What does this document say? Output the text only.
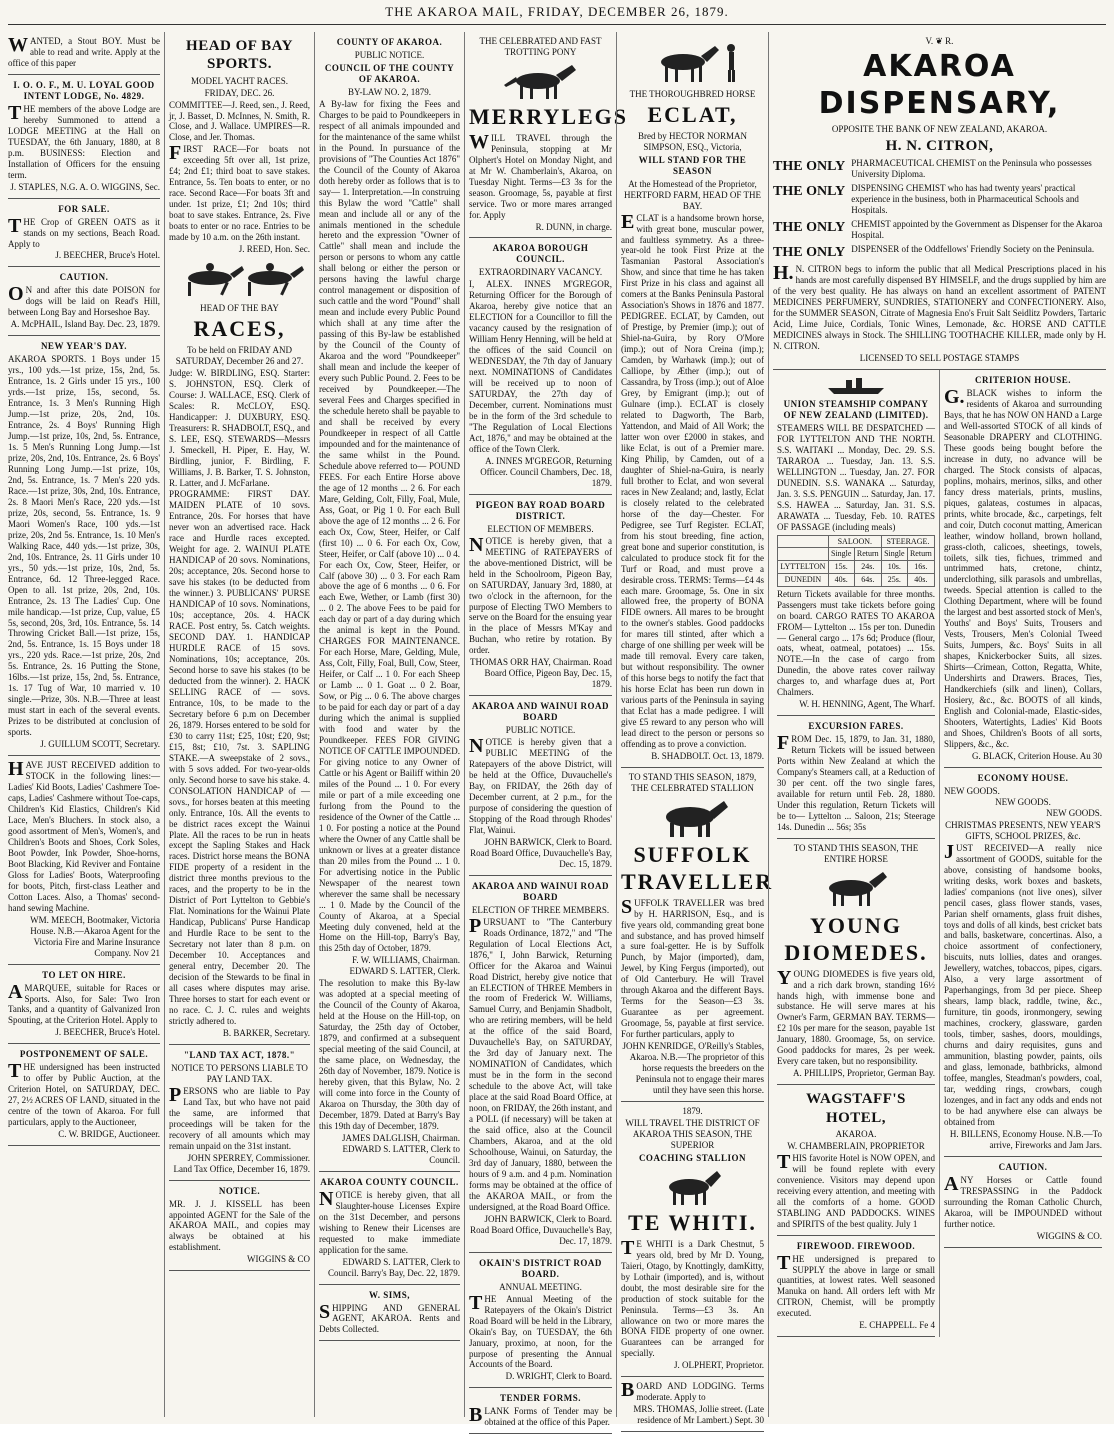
THE AKAROA MAIL, FRIDAY, DECEMBER 26, 1879.

WANTED, a Stout BOY. Must be able to read and write. Apply at the office of this paper

I. O. O. F., M. U. LOYAL GOOD INTENT LODGE, No. 4829.

THE members of the above Lodge are hereby Summoned to attend a LODGE MEETING at the Hall on TUESDAY, the 6th January, 1880, at 8 p.m. BUSINESS: Election and Installation of Officers for the ensuing term.

J. STAPLES, N.G. A. O. WIGGINS, Sec.
FOR SALE.

THE Crop of GREEN OATS as it stands on my sections, Beach Road. Apply to

J. BEECHER, Bruce's Hotel.
CAUTION.

ON and after this date POISON for dogs will be laid on Read's Hill, between Long Bay and Horseshoe Bay.

A. McPHAIL, Island Bay. Dec. 23, 1879.
NEW YEAR'S DAY.

AKAROA SPORTS. 1 Boys under 15 yrs., 100 yds.—1st prize, 15s, 2nd, 5s. Entrance, 1s. 2 Girls under 15 yrs., 100 yrds.—1st prize, 15s, second, 5s. Entrance, 1s. 3 Men's Running High Jump.—1st prize, 20s, 2nd, 10s. Entrance, 2s. 4 Boys' Running High Jump.—1st prize, 10s, 2nd, 5s. Entrance, 1s. 5 Men's Running Long Jump.—1st prize, 20s, 2nd, 10s. Entrance, 2s. 6 Boys' Running Long Jump.—1st prize, 10s, 2nd, 5s. Entrance, 1s. 7 Men's 220 yds. Race.—1st prize, 30s, 2nd, 10s. Entrance, 2s. 8 Maori Men's Race, 220 yds.—1st prize, 20s, second, 5s. Entrance, 1s. 9 Maori Women's Race, 100 yds.—1st prize, 20s, 2nd 5s. Entrance, 1s. 10 Men's Walking Race, 440 yds.—1st prize, 30s, 2nd, 10s. Entrance, 2s. 11 Girls under 10 yrs., 50 yds.—1st prize, 10s, 2nd, 5s. Entrance, 6d. 12 Three-legged Race. Open to all. 1st prize, 20s, 2nd, 10s. Entrance, 2s. 13 The Ladies' Cup. One mile handicap.—1st prize, Cup, value, £5 5s, second, 20s, 3rd, 10s. Entrance, 5s. 14 Throwing Cricket Ball.—1st prize, 15s, 2nd, 5s. Entrance, 1s. 15 Boys under 18 yrs., 220 yds. Race.—1st prize, 20s, 2nd 5s. Entrance, 2s. 16 Putting the Stone, 16lbs.—1st prize, 15s, 2nd, 5s. Entrance, 1s. 17 Tug of War, 10 married v. 10 single.—Prize, 30s. N.B.—Three at least must start in each of the several events. Prizes to be distributed at conclusion of sports.

J. GUILLUM SCOTT, Secretary.

HAVE JUST RECEIVED addition to STOCK in the following lines:—Ladies' Kid Boots, Ladies' Cashmere Toe-caps, Ladies' Cashmere without Toe-caps, Children's Kid Elastics, Children's Kid Lace, Men's Bluchers. In stock also, a good assortment of Men's, Women's, and Children's Boots and Shoes, Cork Soles, Boot Powder, Ink Powder, Shoe-horns, Boot Blacking, Kid Reviver and Fontaine Gloss for Ladies' Boots, Waterproofing for boots, Pitch, first-class Leather and Cotton Laces. Also, a Thomas' second-hand sewing Machine.

WM. MEECH, Bootmaker, Victoria House. N.B.—Akaroa Agent for the Victoria Fire and Marine Insurance Company. Nov 21
TO LET ON HIRE.

AMARQUEE, suitable for Races or Sports. Also, for Sale: Two Iron Tanks, and a quantity of Galvanized Iron Spouting, at the Criterion Hotel. Apply to

J. BEECHER, Bruce's Hotel.
POSTPONEMENT OF SALE.

THE undersigned has been instructed to offer by Public Auction, at the Criterion Hotel, on SATURDAY, DEC. 27, 2½ ACRES OF LAND, situated in the centre of the town of Akaroa. For full particulars, apply to the Auctioneer,

C. W. BRIDGE, Auctioneer.
HEAD OF BAY SPORTS.
MODEL YACHT RACES.
FRIDAY, DEC. 26.

COMMITTEE—J. Reed, sen., J. Reed, jr, J. Basset, D. McInnes, N. Smith, R. Close, and J. Wallace. UMPIRES—R. Close, and Jer. Thomas.

FIRST RACE—For boats not exceeding 5ft over all, 1st prize, £4; 2nd £1; third boat to save stakes. Entrance, 5s. Ten boats to enter, or no race. Second Race—For boats 3ft and under. 1st prize, £1; 2nd 10s; third boat to save stakes. Entrance, 2s. Five boats to enter or no race. Entries to be made by 10 a.m. on the 26th instant.

J. REED, Hon. Sec.
HEAD OF THE BAY
RACES,
To be held on FRIDAY AND SATURDAY, December 26 and 27.

Judge: W. BIRDLING, ESQ. Starter: S. JOHNSTON, ESQ. Clerk of Course: J. WALLACE, ESQ. Clerk of Scales: R. McCLOY, ESQ. Handicapper: J. DUXBURY, ESQ. Treasurers: R. SHADBOLT, ESQ., and S. LEE, ESQ. STEWARDS—Messrs J. Smeckell, H. Piper, E. Hay, W. Birdling, junior, F. Birdling, F. Williams, J. B. Barker, T. S. Johnston, R. Latter, and J. McFarlane.

PROGRAMME: FIRST DAY. MAIDEN PLATE of 10 sovs. Entrance, 20s. For horses that have never won an advertised race. Hack race and Hurdle races excepted. Weight for age. 2. WAINUI PLATE HANDICAP of 20 sovs. Nominations, 20s; acceptance, 20s. Second horse to save his stakes (to be deducted from the winner.) 3. PUBLICANS' PURSE HANDICAP of 10 sovs. Nominations, 10s; acceptance, 20s. 4. HACK RACE. Post entry, 5s. Catch weights. SECOND DAY. 1. HANDICAP HURDLE RACE of 15 sovs. Nominations, 10s; acceptance, 20s. Second horse to save his stakes (to be deducted from the winner). 2. HACK SELLING RACE of — sovs. Entrance, 10s, to be made to the Secretary before 6 p.m on December 26, 1879. Horses entered to be sold for £30 to carry 11st; £25, 10st; £20, 9st; £15, 8st; £10, 7st. 3. SAPLING STAKE.—A sweepstake of 2 sovs., with 5 sovs added. For two-year-olds only. Second horse to save his stake. 4. CONSOLATION HANDICAP of — sovs., for horses beaten at this meeting only. Entrance, 10s. All the events to be district races except the Wainui Plate. All the races to be run in heats except the Sapling Stakes and Hack races. District horse means the BONA FIDE property of a resident in the district three months previous to the races, and the property to be in the District of Port Lyttelton to Gebbie's Flat. Nominations for the Wainui Plate Handicap, Publicans' Purse Handicap and Hurdle Race to be sent to the Secretary not later than 8 p.m. on December 10. Acceptances and general entry, December 20. The decision of the Stewards to be final in all cases where disputes may arise. Three horses to start for each event or no race. C. J. C. rules and weights strictly adhered to.

B. BARKER, Secretary.
"LAND TAX ACT, 1878."
NOTICE TO PERSONS LIABLE TO PAY LAND TAX.

PERSONS who are liable to Pay Land Tax, but who have not paid the same, are informed that proceedings will be taken for the recovery of all amounts which may remain unpaid on the 31st instant.

JOHN SPERREY, Commissioner. Land Tax Office, December 16, 1879.
NOTICE.

MR. J. J. KISSELL has been appointed AGENT for the Sale of the AKAROA MAIL, and copies may always be obtained at his establishment.

WIGGINS & CO
COUNTY OF AKAROA.
PUBLIC NOTICE.
COUNCIL OF THE COUNTY OF AKAROA.
BY-LAW NO. 2, 1879.

A By-law for fixing the Fees and Charges to be paid to Poundkeepers in respect of all animals impounded and for the maintenance of the same whilst in the Pound. In pursuance of the provisions of "The Counties Act 1876" the Council of the County of Akaroa doth hereby order as follows that is to say— 1. Interpretation.—In construing this Bylaw the word "Cattle" shall mean and include all or any of the animals mentioned in the schedule hereto and the expression "Owner of Cattle" shall mean and include the person or persons to whom any cattle shall belong or either the person or persons having the lawful charge control management or disposition of such cattle and the word "Pound" shall mean and include every Public Pound which shall at any time after the passing of this By-law be established by the Council of the County of Akaroa and the word "Poundkeeper" shall mean and include the keeper of every such Public Pound. 2. Fees to be received by Poundkeeper.—The several Fees and Charges specified in the schedule hereto shall be payable to and shall be received by every Poundkeeper in respect of all Cattle impounded and for the maintenance of the same whilst in the Pound. Schedule above referred to— POUND FEES. For each Entire Horse above the age of 12 months ... 2 6. For each Mare, Gelding, Colt, Filly, Foal, Mule, Ass, Goat, or Pig 1 0. For each Bull above the age of 12 months ... 2 6. For each Ox, Cow, Steer, Heifer, or Calf (first 10) ... 0 6. For each Ox, Cow, Steer, Heifer, or Calf (above 10) ... 0 4. For each Ox, Cow, Steer, Heifer, or Calf (above 30) ... 0 3. For each Ram above the age of 6 months ... 0 6. For each Ewe, Wether, or Lamb (first 30) ... 0 2. The above Fees to be paid for each day or part of a day during which the animal is kept in the Pound. CHARGES FOR MAINTENANCE. For each Horse, Mare, Gelding, Mule, Ass, Colt, Filly, Foal, Bull, Cow, Steer, Heifer, or Calf ... 1 0. For each Sheep or Lamb ... 0 1. Goat ... 0 2. Boar, Sow, or Pig ... 0 6. The above charges to be paid for each day or part of a day during which the animal is supplied with food and water by the Poundkeeper. FEES FOR GIVING NOTICE OF CATTLE IMPOUNDED. For giving notice to any Owner of Cattle or his Agent or Bailiff within 20 miles of the Pound ... 1 0. For every mile or part of a mile exceeding one furlong from the Pound to the residence of the Owner of the Cattle ... 1 0. For posting a notice at the Pound where the Owner of any Cattle shall be unknown or lives at a greater distance than 20 miles from the Pound ... 1 0. For advertising notice in the Public Newspaper of the nearest town wherever the same shall be necessary ... 1 0. Made by the Council of the County of Akaroa, at a Special Meeting duly convened, held at the Home on the Hill-top, Barry's Bay, this 25th day of October, 1879.

F. W. WILLIAMS, Chairman. EDWARD S. LATTER, Clerk.

The resolution to make this By-law was adopted at a special meeting of the Council of the County of Akaroa, held at the House on the Hill-top, on Saturday, the 25th day of October, 1879, and confirmed at a subsequent special meeting of the said Council, at the same place, on Wednesday, the 26th day of November, 1879. Notice is hereby given, that this Bylaw, No. 2 will come into force in the County of Akaroa on Thursday, the 30th day of December, 1879. Dated at Barry's Bay this 19th day of December, 1879.

JAMES DALGLISH, Chairman. EDWARD S. LATTER, Clerk to Council.
AKAROA COUNTY COUNCIL.

NOTICE is hereby given, that all Slaughter-house Licenses Expire on the 31st December, and persons wishing to Renew their Licenses are requested to make immediate application for the same.

EDWARD S. LATTER, Clerk to Council. Barry's Bay, Dec. 22, 1879.
W. SIMS,

SHIPPING AND GENERAL AGENT, AKAROA. Rents and Debts Collected.

THE CELEBRATED AND FAST TROTTING PONY
MERRYLEGS

WILL TRAVEL through the Peninsula, stopping at Mr Olphert's Hotel on Monday Night, and at Mr W. Chamberlain's, Akaroa, on Tuesday Night. Terms—£3 3s for the season. Groomage, 5s, payable at first service. Two or more mares arranged for. Apply

R. DUNN, in charge.
AKAROA BOROUGH COUNCIL.
EXTRAORDINARY VACANCY.

I, ALEX. INNES M'GREGOR, Returning Officer for the Borough of Akaroa, hereby give notice that an ELECTION for a Councillor to fill the vacancy caused by the resignation of William Henry Henning, will be held at the offices of the said Council on WEDNESDAY, the 7th day of January next. NOMINATIONS of Candidates will be received up to noon of SATURDAY, the 27th day of December, current. Nominations must be in the form of the 3rd schedule to "The Regulation of Local Elections Act, 1876," and may be obtained at the office of the Town Clerk.

A. INNES M'GREGOR, Returning Officer. Council Chambers, Dec. 18, 1879.
PIGEON BAY ROAD BOARD DISTRICT.
ELECTION OF MEMBERS.

NOTICE is hereby given, that a MEETING of RATEPAYERS of the above-mentioned District, will be held in the Schoolroom, Pigeon Bay, on SATURDAY, January 3rd, 1880, at two o'clock in the afternoon, for the purpose of Electing TWO Members to serve on the Board for the ensuing year in the place of Messrs M'Kay and Buchan, who retire by rotation. By order.

THOMAS ORR HAY, Chairman. Road Board Office, Pigeon Bay, Dec. 15, 1879.
AKAROA AND WAINUI ROAD BOARD
PUBLIC NOTICE.

NOTICE is hereby given that a PUBLIC MEETING of the Ratepayers of the above District, will be held at the Office, Duvauchelle's Bay, on FRIDAY, the 26th day of December current, at 2 p.m., for the purpose of considering the question of Stopping of the Road through Rhodes' Flat, Wainui.

JOHN BARWICK, Clerk to Board. Road Board Office, Duvauchelle's Bay, Dec. 15, 1879.
AKAROA AND WAINUI ROAD BOARD
ELECTION OF THREE MEMBERS.

PURSUANT to "The Canterbury Roads Ordinance, 1872," and "The Regulation of Local Elections Act, 1876," I, John Barwick, Returning Officer for the Akaroa and Wainui Road District, hereby give notice that an ELECTION of THREE Members in the room of Frederick W. Williams, Samuel Curry, and Benjamin Shadbolt, who are retiring members, will be held at the office of the said Board, Duvauchelle's Bay, on SATURDAY, the 3rd day of January next. The NOMINATION of Candidates, which must be in the form in the second schedule to the above Act, will take place at the said Road Board Office, at noon, on FRIDAY, the 26th instant, and a POLL (if necessary) will be taken at the said office, also at the Council Chambers, Akaroa, and at the old Schoolhouse, Wainui, on Saturday, the 3rd day of January, 1880, between the hours of 9 a.m. and 4 p.m. Nomination forms may be obtained at the office of the AKAROA MAIL, or from the undersigned, at the Road Board Office.

JOHN BARWICK, Clerk to Board. Road Board Office, Duvauchelle's Bay, Dec. 17, 1879.
OKAIN'S DISTRICT ROAD BOARD.
ANNUAL MEETING.

THE Annual Meeting of the Ratepayers of the Okain's District Road Board will be held in the Library, Okain's Bay, on TUESDAY, the 6th January, proximo, at noon, for the purpose of presenting the Annual Accounts of the Board.

D. WRIGHT, Clerk to Board.
TENDER FORMS.

BLANK Forms of Tender may be obtained at the office of this Paper.

THE THOROUGHBRED HORSE
ECLAT,
Bred by HECTOR NORMAN SIMPSON, ESQ., Victoria,
WILL STAND FOR THE SEASON
At the Homestead of the Proprietor, HERTFORD FARM, HEAD OF THE BAY.

ECLAT is a handsome brown horse, with great bone, muscular power, and faultless symmetry. As a three-year-old he took First Prize at the Tasmanian Pastoral Association's Show, and since that time he has taken First Prize in his class and against all comers at the Banks Peninsula Pastoral Association's Shows in 1876 and 1877. PEDIGREE. ECLAT, by Camden, out of Prestige, by Premier (imp.); out of Shiel-na-Guira, by Rory O'More (imp.); out of Nora Creina (imp.); Camden, by Warhawk (imp.); out of Calliope, by Æther (imp.); out of Cassandra, by Tross (imp.); out of Aloe Grey, by Emigrant (imp.); out of Gulnare (imp.). ECLAT is closely related to Dagworth, The Barb, Yattendon, and Maid of All Work; the latter won over £2000 in stakes, and like Eclat, is out of a Premier mare. King Philip, by Camden, out of a daughter of Shiel-na-Guira, is nearly full brother to Eclat, and won several races in New Zealand; and, lastly, Eclat is closely related to the celebrated horse of the day—Chester. For Pedigree, see Turf Register. ECLAT, from his stout breeding, fine action, great bone and superior constitution, is calculated to produce stock fit for the Turf or Road, and must prove a desirable cross. TERMS: Terms—£4 4s each mare. Groomage, 5s. One in six allowed free, the property of BONA FIDE owners. All mares to be brought to the owner's stables. Good paddocks for mares till stinted, after which a charge of one shilling per week will be made till removal. Every care taken, but without responsibility. The owner of this horse begs to notify the fact that his horse Eclat has been run down in various parts of the Peninsula in saying that Eclat has a made pedigree. I will give £5 reward to any person who will lead direct to the person or persons so offending as to prove a conviction.

B. SHADBOLT. Oct. 13, 1879.
TO STAND THIS SEASON, 1879, THE CELEBRATED STALLION
SUFFOLK TRAVELLER

SUFFOLK TRAVELLER was bred by H. HARRISON, Esq., and is five years old, commanding great bone and substance, and has proved himself a sure foal-getter. He is by Suffolk Punch, by Major (imported), dam, Jewel, by King Fergus (imported), out of Old Canterbury. He will Travel through Akaroa and the different Bays. Terms for the Season—£3 3s. Guarantee as per agreement. Groomage, 5s, payable at first service. For further particulars, apply to

JOHN KENRIDGE, O'Reilly's Stables, Akaroa. N.B.—The proprietor of this horse requests the breeders on the Peninsula not to engage their mares until they have seen this horse.
1879.
WILL TRAVEL THE DISTRICT OF AKAROA THIS SEASON, THE SUPERIOR
COACHING STALLION
TE WHITI.

TE WHITI is a Dark Chestnut, 5 years old, bred by Mr D. Young, Taieri, Otago, by Knottingly, damKitty, by Lothair (imported), and is, without doubt, the most desirable sire for the production of stock suitable for the Peninsula. Terms—£3 3s. An allowance on two or more mares the BONA FIDE property of one owner. Guarantees can be arranged for specially.

J. OLPHERT, Proprietor.

BOARD AND LODGING. Terms moderate. Apply to

MRS. THOMAS, Jollie street. (Late residence of Mr Lambert.) Sept. 30
V. ❦ R.
AKAROA DISPENSARY,
OPPOSITE THE BANK OF NEW ZEALAND, AKAROA.
H. N. CITRON,
THE ONLY PHARMACEUTICAL CHEMIST on the Peninsula who possesses University Diploma.
THE ONLY DISPENSING CHEMIST who has had twenty years' practical experience in the business, both in Pharmaceutical Schools and Hospitals.
THE ONLY CHEMIST appointed by the Government as Dispenser for the Akaroa Hospital.
THE ONLY DISPENSER of the Oddfellows' Friendly Society on the Peninsula.

H.N. CITRON begs to inform the public that all Medical Prescriptions placed in his hands are most carefully dispensed BY HIMSELF, and the drugs supplied by him are of the very best quality. He has always on hand an excellent assortment of PATENT MEDICINES PERFUMERY, SUNDRIES, STATIONERY and CONFECTIONERY. Also, for the SUMMER SEASON, Citrate of Magnesia Eno's Fruit Salt Seidlitz Powders, Tartaric Acid, Lime Juice, Cordials, Tonic Wines, Lemonade, &c. HORSE AND CATTLE MEDICINES always in Stock. The SHILLING TOOTHACHE KILLER, made only by H. N. CITRON.

LICENSED TO SELL POSTAGE STAMPS
UNION STEAMSHIP COMPANY OF NEW ZEALAND (LIMITED).

STEAMERS WILL BE DESPATCHED — FOR LYTTELTON AND THE NORTH. S.S. WAITAKI ... Monday, Dec. 29. S.S. TARAROA ... Tuesday, Jan. 13. S.S. WELLINGTON ... Tuesday, Jan. 27. FOR DUNEDIN. S.S. WANAKA ... Saturday, Jan. 3. S.S. PENGUIN ... Saturday, Jan. 17. S.S. HAWEA ... Saturday, Jan. 31. S.S. ARAWATA ... Tuesday, Feb. 10. RATES OF PASSAGE (including meals)

	SALOON.		STEERAGE.	
	Single	Return	Single	Return
LYTTELTON	15s.	24s.	10s.	16s.
DUNEDIN	40s.	64s.	25s.	40s.

Return Tickets available for three months. Passengers must take tickets before going on board. CARGO RATES TO AKAROA FROM— Lyttelton ... 15s per ton. Dunedin — General cargo ... 17s 6d; Produce (flour, oats, wheat, oatmeal, potatoes) ... 15s. NOTE.—In the case of cargo from Dunedin, the above rates cover railway charges to, and wharfage dues at, Port Chalmers.

W. H. HENNING, Agent, The Wharf.
EXCURSION FARES.

FROM Dec. 15, 1879, to Jan. 31, 1880, Return Tickets will be issued between Ports within New Zealand at which the Company's Steamers call, at a Reduction of 30 per cent. off the two single fares, available for return until Feb. 28, 1880. Under this regulation, Return Tickets will be to— Lyttelton ... Saloon, 21s; Steerage 14s. Dunedin ... 56s; 35s

TO STAND THIS SEASON, THE ENTIRE HORSE
YOUNG DIOMEDES.

YOUNG DIOMEDES is five years old, and a rich dark brown, standing 16½ hands high, with immense bone and substance. He will serve mares at his Owner's Farm, GERMAN BAY. TERMS—£2 10s per mare for the season, payable 1st January, 1880. Groomage, 5s, on service. Good paddocks for mares, 2s per week. Every care taken, but no responsibility.

A. PHILLIPS, Proprietor, German Bay.
WAGSTAFF'S HOTEL,
AKAROA.
W. CHAMBERLAIN, PROPRIETOR

THIS favorite Hotel is NOW OPEN, and will be found replete with every convenience. Visitors may depend upon receiving every attention, and meeting with all the comforts of a home. GOOD STABLING AND PADDOCKS. WINES and SPIRITS of the best quality. July 1

FIREWOOD. FIREWOOD.

THE undersigned is prepared to SUPPLY the above in large or small quantities, at lowest rates. Well seasoned Manuka on hand. All orders left with Mr CITRON, Chemist, will be promptly executed.

E. CHAPPELL. Fe 4
CRITERION HOUSE.

G.BLACK wishes to inform the residents of Akaroa and surrounding Bays, that he has NOW ON HAND a Large and Well-assorted STOCK of all kinds of Seasonable DRAPERY and CLOTHING. These goods being bought before the increase in duty, no advance will be charged. The Stock consists of alpacas, poplins, mohairs, merinos, silks, and other fancy dress materials, prints, muslins, piques, galateas, costumes in alpacas, prints, white brocade, &c., carpetings, felt and coir, Dutch coconut matting, American leather, window holland, brown holland, grass-cloth, calicoes, sheetings, towels, toilets, silk ties, fichues, trimmed and untrimmed hats, cretone, chintz, underclothing, silk parasols and umbrellas, tweeds. Special attention is called to the Clothing Department, where will be found the largest and best assorted stock of Men's, Youths' and Boys' Suits, Trousers and Vests, Trousers, Men's Colonial Tweed Suits, Jumpers, &c. Boys' Suits in all shapes, Knickerbocker Suits, all sizes. Shirts—Crimean, Cotton, Regatta, White, Undershirts and Drawers. Braces, Ties, Handkerchiefs (silk and linen), Collars, Hosiery, &c., &c. BOOTS of all kinds, English and Colonial-made, Elastic-sides, Shooters, Watertights, Ladies' Kid Boots and Shoes, Children's Boots of all sorts, Slippers, &c., &c.

G. BLACK, Criterion House. Au 30
ECONOMY HOUSE.
NEW GOODS.
NEW GOODS.
NEW GOODS.
CHRISTMAS PRESENTS, NEW YEAR'S GIFTS, SCHOOL PRIZES, &c.

JUST RECEIVED—A really nice assortment of GOODS, suitable for the above, consisting of handsome books, writing desks, work boxes and baskets, ladies' companions (not live ones), silver pencil cases, glass flower stands, vases, Parian shelf ornaments, glass fruit dishes, toys and dolls of all kinds, best cricket bats and balls, basketware, concertinas. Also, a choice assortment of confectionery, biscuits, nuts lollies, dates and oranges. Jewellery, watches, tobaccos, pipes, cigars. Also, a very large assortment of Paperhangings, from 3d per piece. Sheep shears, lamp black, raddle, twine, &c., furniture, tin goods, ironmongery, sewing machines, crockery, glassware, garden tools, timber, sashes, doors, mouldings, churns and dairy requisites, guns and ammunition, blasting powder, paints, oils and glass, lemonade, bathbricks, almond toffee, mangles, Steadman's powders, coal, tar, wedding rings, crowbars, cough lozenges, and in fact any odds and ends not to be had anywhere else can always be obtained from

H. BILLENS, Economy House. N.B.—To arrive, Fireworks and Jam Jars.
CAUTION.

ANY Horses or Cattle found TRESPASSING in the Paddock surrounding the Roman Catholic Church, Akaroa, will be IMPOUNDED without further notice.

WIGGINS & CO.
